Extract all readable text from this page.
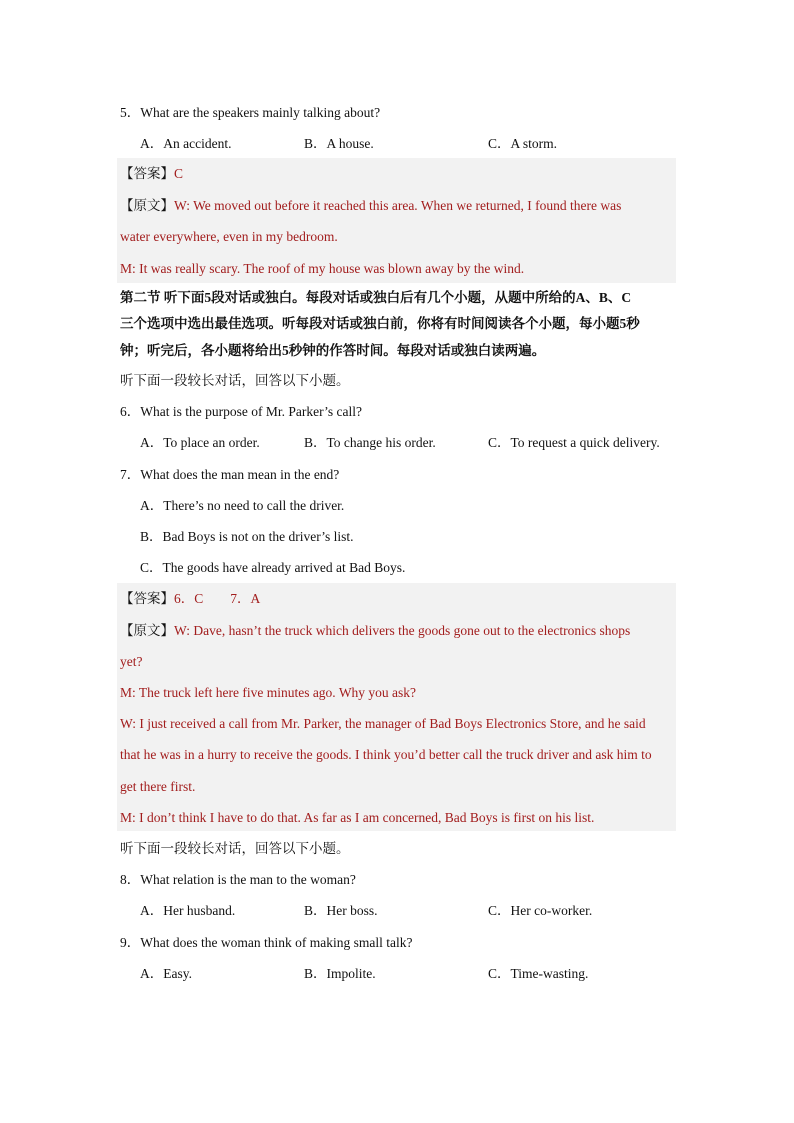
5．What are the speakers mainly talking about?
A．An accident.	B．A house.	C．A storm.
【答案】C
【原文】W: We moved out before it reached this area. When we returned, I found there was
water everywhere, even in my bedroom.
M: It was really scary. The roof of my house was blown away by the wind.
第二节 听下面5段对话或独白。每段对话或独白后有几个小题，从题中所给的A、B、C
三个选项中选出最佳选项。听每段对话或独白前，你将有时间阅读各个小题，每小题5秒
钟；听完后，各小题将给出5秒钟的作答时间。每段对话或独白读两遍。
听下面一段较长对话，回答以下小题。
6．What is the purpose of Mr. Parker’s call?
A．To place an order.	B．To change his order.	C．To request a quick delivery.
7．What does the man mean in the end?
A．There’s no need to call the driver.
B．Bad Boys is not on the driver’s list.
C．The goods have already arrived at Bad Boys.
【答案】6．C　　7．A
【原文】W: Dave, hasn’t the truck which delivers the goods gone out to the electronics shops
yet?
M: The truck left here five minutes ago. Why you ask?
W: I just received a call from Mr. Parker, the manager of Bad Boys Electronics Store, and he said
that he was in a hurry to receive the goods. I think you’d better call the truck driver and ask him to
get there first.
M: I don’t think I have to do that. As far as I am concerned, Bad Boys is first on his list.
听下面一段较长对话，回答以下小题。
8．What relation is the man to the woman?
A．Her husband.	B．Her boss.	C．Her co-worker.
9．What does the woman think of making small talk?
A．Easy.	B．Impolite.	C．Time-wasting.
